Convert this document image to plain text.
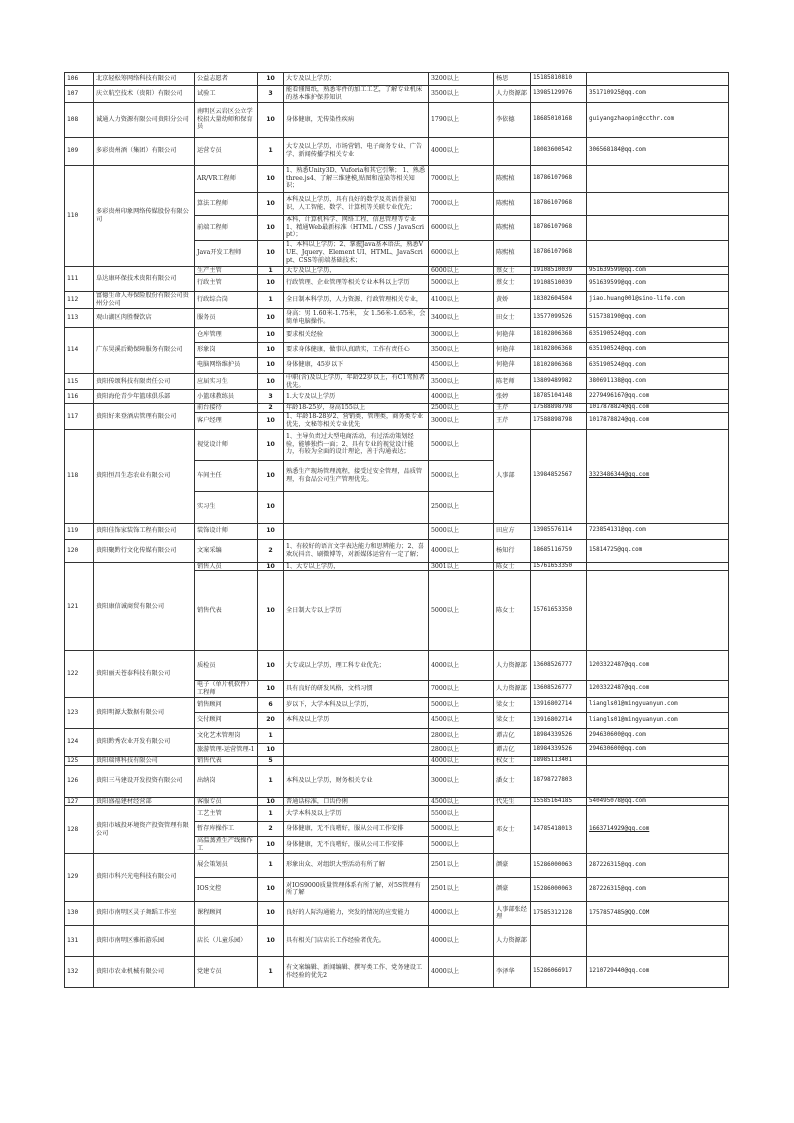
106	北京轻松筹网络科技有限公司	公益志愿者	10	大专及以上学历；	3200以上	杨思	15185810810	
107	庆立航空技术（贵阳）有限公司	试验工	3	能看懂图纸，熟悉零件的加工工艺，了解专业机床的基本维护保养知识	3500以上	人力资源部	13985129976	351710925@qq.com
108	诚通人力资源有限公司贵阳分公司	南明区云岩区公立学校招大量幼师和保育员	10	身体健康，无传染性疾病	1790以上	李依德	18685010168	guiyangzhaopin@ccthr.com
109	多彩贵州酒（集团）有限公司	运营专员	1	大专及以上学历，市场营销、电子商务专业、广告学、新闻传播学相关专业	4000以上		18083600542	306568184@qq.com
110	多彩贵州印象网络传媒股份有限公司	AR/VR工程师	10	1、熟悉Unity3D、Vuforia和其它引擎； 1、熟悉three.js4、了解三维建模,贴图和渲染等相关知识；	7000以上	陈熙植	18786107968	
		算法工程师	10	本科及以上学历，具有良好的数学及英语背景知识，人工智能、数学、计算机等关联专业优先；	7000以上	陈熙植	18786107968	
		前端工程师	10	本科，计算机科学、网络工程、信息管理等专业1、精通Web最新标准（HTML / CSS / JavaScript）；	6000以上	陈熙植	18786107968	
		Java开发工程师	10	1、本科以上学历；2、掌握Java基本语法，熟悉VUE、Jquery、Element UI、HTML、JavaScript、CSS等前端基础技术；	6000以上	陈熙植	18786107968	
111	阜达康环保技术贵阳有限公司	生产主管	1	大专及以上学历，	6000以上	蔡女士	19108510039	951639599@qq.com
		行政主管	10	行政管理、企业管理等相关专业本科以上学历	5000以上	蔡女士	19108510039	951639599@qq.com
112	富德生命人寿保险股份有限公司贵州分公司	行政综合岗	1	全日制本科学历，人力资源、行政管理相关专业，	4100以上	黄娇	18302604504	jiao.huang001@sino-life.com
113	观山湖区肉胜餐饮店	服务员	10	身高：男 1.60米-1.75米， 女 1.56米-1.65米，会简单电脑操作。	3400以上	田女士	13577099526	515738190@qq.com
114	广东昊溪后勤保障服务有限公司	仓库管理	10	要求相关经验	3000以上	何艳萍	18102806368	635190524@qq.com
		形象岗	10	要求身体健康，做事认真踏实，工作有责任心	3500以上	何艳萍	18102806368	635190524@qq.com
		电脑网络维护员	10	身体健康，45岁以下	4500以上	何艳萍	18102806368	635190524@qq.com
115	贵阳传颂科技有限责任公司	应届实习生	10	中职(含)及以上学历，年龄22岁以上，有C1驾照者优先。	3500以上	陈老师	13809489982	380691138@qq.com
116	贵阳海伦青少年篮球俱乐部	小篮球教练员	3	1.大专及以上学历	4000以上	张婷	18785104148	2279496167@qq.com
117	贵阳好来登酒店管理有限公司	前台接待	2	年龄18-25岁，身高155以上	2500以上	王芹	17588898798	1017878824@qq.com
		客户经理	10	1、年龄18-28岁2、营销类，管理类，商务类专业优先，文秘等相关专业优先	3000以上	王芹	17588898798	1017878824@qq.com
118	贵阳恒昌生态农业有限公司	视觉设计师	10	1、主导负责过大型电商活动，有过活动策划经验，能够独挡一面；2、具有专业的视觉设计能力，有较为全面的设计理论，善于沟通表达；	5000以上	人事部	13984852567	3323486344@qq.com
		车间主任	10	熟悉生产现场管理流程，接受过安全管理，品质管理，有食品公司生产管理优先。	5000以上			
		实习生	10		2500以上			
119	贵阳佳饰家装饰工程有限公司	装饰设计师	10		5000以上	田应方	13985576114	723854131@qq.com
120	贵阳聚黔行文化传媒有限公司	文案采编	2	1、有较好的语言文字表达能力和思辨能力；2、喜欢玩抖音、刷微博等，对新媒体运营有一定了解；	4000以上	杨知行	18685116759	15814725@qq.com
121	贵阳康信诚商贸有限公司	销售人员	10	1、大专以上学历，	3001以上	陈女士	15761653350	
		销售代表	10	全日制大专以上学历	5000以上	陈女士	15761653350	
122	贵阳丽天苍泰科技有限公司	质检员	10	大专或以上学历，理工科专业优先；	4000以上	人力资源部	13608526777	1203322487@qq.com
		电子（单片机软件）工程师	10	具有良好的研发风格，文档习惯	7000以上	人力资源部	13608526777	1203322487@qq.com
123	贵阳明源大数据有限公司	销售顾问	6	岁以下，大学本科及以上学历，	5000以上	梁女士	13916802714	liangls01@mingyuanyun.com
		交付顾问	20	本科及以上学历	4500以上	梁女士	13916802714	liangls01@mingyuanyun.com
124	贵阳黔秀农业开发有限公司	文化艺术管理岗	1		2800以上	谭吉亿	18984339526	294630600@qq.com
		旅游管理-运营管理-1	10		2800以上	谭吉亿	18984339526	294630600@qq.com
125	贵阳瑞博科技有限公司	销售代表	5		4000以上	权女士	18985113401	
126	贵阳三马建设开发投资有限公司	出纳岗	1	本科及以上学历，财务相关专业	3000以上	潘女士	18798727803	
127	贵阳盛福建材经营部	客服专员	10	普通话标准，口齿伶俐	4500以上	代先生	15585164185	540495078@qq.com
128	贵阳市城投环境资产投资管理有限公司	工艺主管	1	大学本科及以上学历	5500以上	邓女士	14785418013	1663714929@qq.com
		暂存库操作工	2	身体健康，无不良嗜好，服从公司工作安排	5000以上			
		高温蒸煮生产线操作工	10	身体健康，无不良嗜好，服从公司工作安排	5000以上			
129	贵阳市科兴光电科技有限公司	展会策划员	1	形象出众、对组织大型活动有所了解	2501以上	颜豪	15286000063	287226315@qq.com
		IOS文控	10	对IOS9000质量管理体系有所了解，对5S管理有所了解	2501以上	颜豪	15286000063	287226315@qq.com
130	贵阳市南明区灵子舞蹈工作室	课程顾问	10	良好的人际沟通能力，突发的情况的应变能力	4000以上	人事部张经理	17585312128	1757857485@QQ.COM
131	贵阳市南明区雅拓游乐园	店长（儿童乐园）	10	具有相关门店店长工作经验者优先。	4000以上	人力资源部		
132	贵阳市农业机械有限公司	党建专员	1	有文案编辑、新闻编辑、撰写类工作、党务建设工作经验的优先2	4000以上	李泽华	15286066917	1210729440@qq.com
